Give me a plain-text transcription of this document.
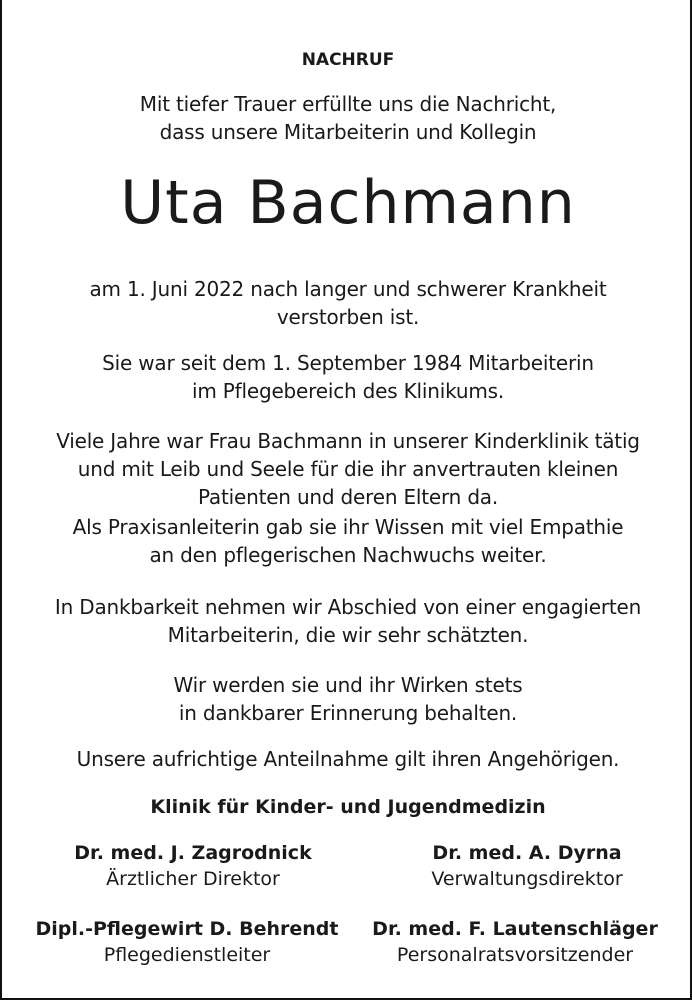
NACHRUF

Mit tiefer Trauer erfüllte uns die Nachricht,

dass unsere Mitarbeiterin und Kollegin

Uta Bachmann

am 1. Juni 2022 nach langer und schwerer Krankheit

verstorben ist.

Sie war seit dem 1. September 1984 Mitarbeiterin

im Pflegebereich des Klinikums.

Viele Jahre war Frau Bachmann in unserer Kinderklinik tätig

und mit Leib und Seele für die ihr anvertrauten kleinen

Patienten und deren Eltern da.

Als Praxisanleiterin gab sie ihr Wissen mit viel Empathie

an den pflegerischen Nachwuchs weiter.

In Dankbarkeit nehmen wir Abschied von einer engagierten

Mitarbeiterin, die wir sehr schätzten.

Wir werden sie und ihr Wirken stets

in dankbarer Erinnerung behalten.

Unsere aufrichtige Anteilnahme gilt ihren Angehörigen.

Klinik für Kinder- und Jugendmedizin

Dr. med. J. Zagrodnick
Ärztlicher Direktor
Dr. med. A. Dyrna
Verwaltungsdirektor
Dipl.-Pflegewirt D. Behrendt
Pflegedienstleiter
Dr. med. F. Lautenschläger
Personalratsvorsitzender
